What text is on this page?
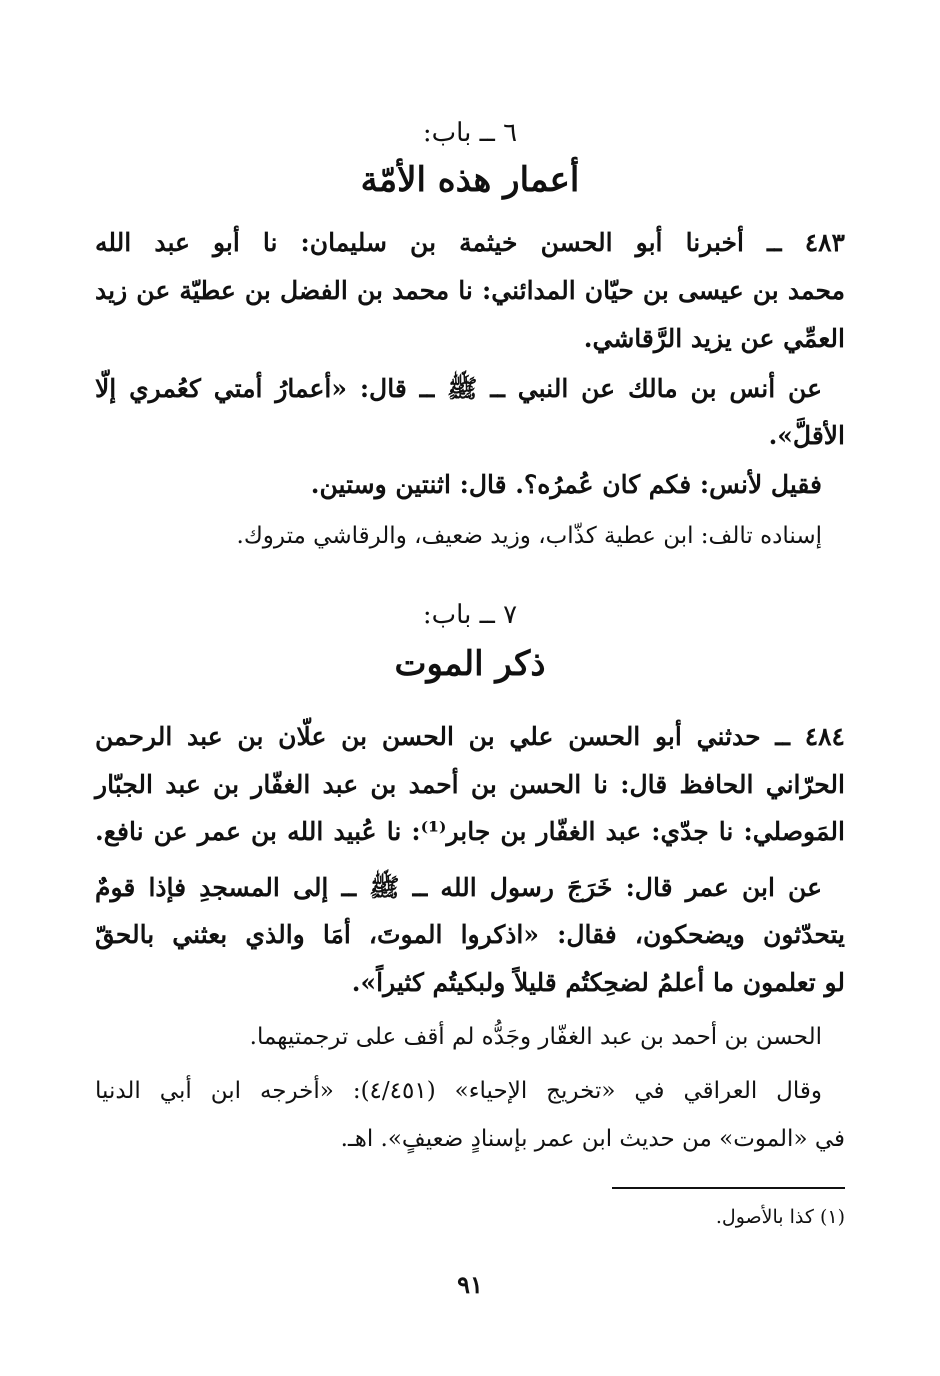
٦ ــ باب:
أعمار هذه الأمّة
٤٨٣ ــ أخبرنا أبو الحسن خيثمة بن سليمان: نا أبو عبد الله
محمد بن عيسى بن حيّان المدائني: نا محمد بن الفضل بن عطيّة عن زيد
العمِّي عن يزيد الرَّقاشي.
عن أنس بن مالك عن النبي ــ ﷺ ــ قال: «أعمارُ أمتي كعُمري إلّا
الأقلَّ».
فقيل لأنس: فكم كان عُمرُه؟. قال: اثنتين وستين.
إسناده تالف: ابن عطية كذّاب، وزيد ضعيف، والرقاشي متروك.
٧ ــ باب:
ذكر الموت
٤٨٤ ــ حدثني أبو الحسن علي بن الحسن بن علّان بن عبد الرحمن
الحرّاني الحافظ قال: نا الحسن بن أحمد بن عبد الغفّار بن عبد الجبّار
المَوصلي: نا جدّي: عبد الغفّار بن جابر⁽¹⁾: نا عُبيد الله بن عمر عن نافع.
عن ابن عمر قال: خَرَجَ رسول الله ــ ﷺ ــ إلى المسجدِ فإذا قومٌ
يتحدّثون ويضحكون، فقال: «اذكروا الموتَ، أمَا والذي بعثني بالحقّ
لو تعلمون ما أعلمُ لضحِكتُم قليلاً ولبكيتُم كثيراً».
الحسن بن أحمد بن عبد الغفّار وجَدُّه لم أقف على ترجمتيهما.
وقال العراقي في «تخريج الإحياء» (٤/٤٥١): «أخرجه ابن أبي الدنيا
في «الموت» من حديث ابن عمر بإسنادٍ ضعيفٍ». اهـ.
(١) كذا بالأصول.
٩١
